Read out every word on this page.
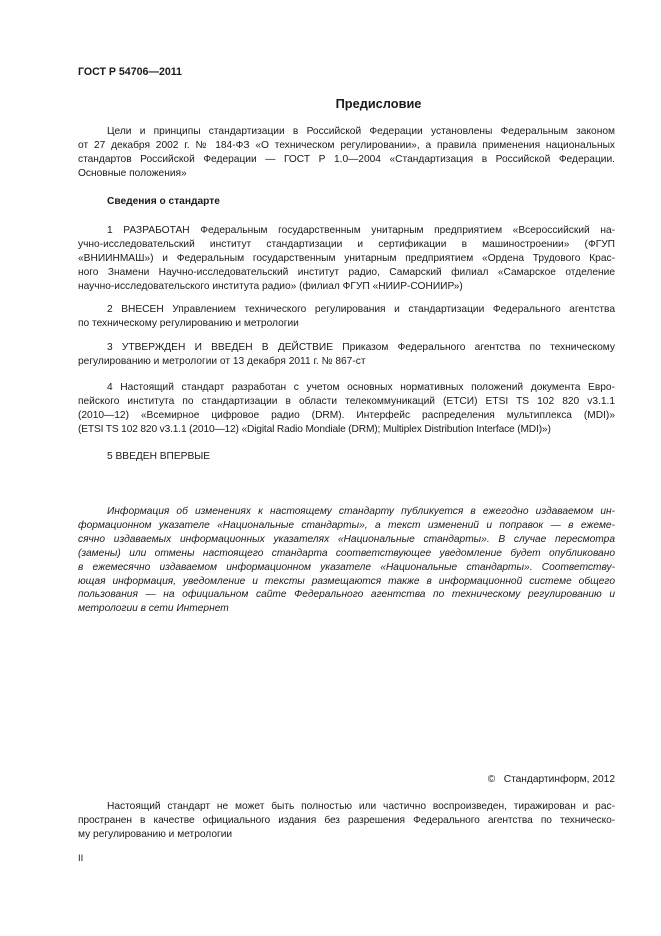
ГОСТ Р 54706—2011
Предисловие
Цели и принципы стандартизации в Российской Федерации установлены Федеральным законом
от 27 декабря 2002 г. № 184-ФЗ «О техническом регулировании», а правила применения национальных
стандартов Российской Федерации — ГОСТ Р 1.0—2004 «Стандартизация в Российской Федерации.
Основные положения»
Сведения о стандарте
1 РАЗРАБОТАН Федеральным государственным унитарным предприятием «Всероссийский на-
учно-исследовательский институт стандартизации и сертификации в машиностроении» (ФГУП
«ВНИИНМАШ») и Федеральным государственным унитарным предприятием «Ордена Трудового Крас-
ного Знамени Научно-исследовательский институт радио, Самарский филиал «Самарское отделение
научно-исследовательского института радио» (филиал ФГУП «НИИР-СОНИИР»)
2 ВНЕСЕН Управлением технического регулирования и стандартизации Федерального агентства
по техническому регулированию и метрологии
3 УТВЕРЖДЕН И ВВЕДЕН В ДЕЙСТВИЕ Приказом Федерального агентства по техническому
регулированию и метрологии от 13 декабря 2011 г. № 867-ст
4 Настоящий стандарт разработан с учетом основных нормативных положений документа Евро-
пейского института по стандартизации в области телекоммуникаций (ЕТСИ) ETSI TS 102 820 v3.1.1
(2010—12) «Всемирное цифровое радио (DRM). Интерфейс распределения мультиплекса (MDI)»
(ETSI TS 102 820 v3.1.1 (2010—12) «Digital Radio Mondiale (DRM); Multiplex Distribution Interface (MDI)»)
5 ВВЕДЕН ВПЕРВЫЕ
Информация об изменениях к настоящему стандарту публикуется в ежегодно издаваемом ин-
формационном указателе «Национальные стандарты», а текст изменений и поправок — в ежеме-
сячно издаваемых информационных указателях «Национальные стандарты». В случае пересмотра
(замены) или отмены настоящего стандарта соответствующее уведомление будет опубликовано
в ежемесячно издаваемом информационном указателе «Национальные стандарты». Соответству-
ющая информация, уведомление и тексты размещаются также в информационной системе общего
пользования — на официальном сайте Федерального агентства по техническому регулированию и
метрологии в сети Интернет
©   Стандартинформ, 2012
Настоящий стандарт не может быть полностью или частично воспроизведен, тиражирован и рас-
пространен в качестве официального издания без разрешения Федерального агентства по техническо-
му регулированию и метрологии
II
